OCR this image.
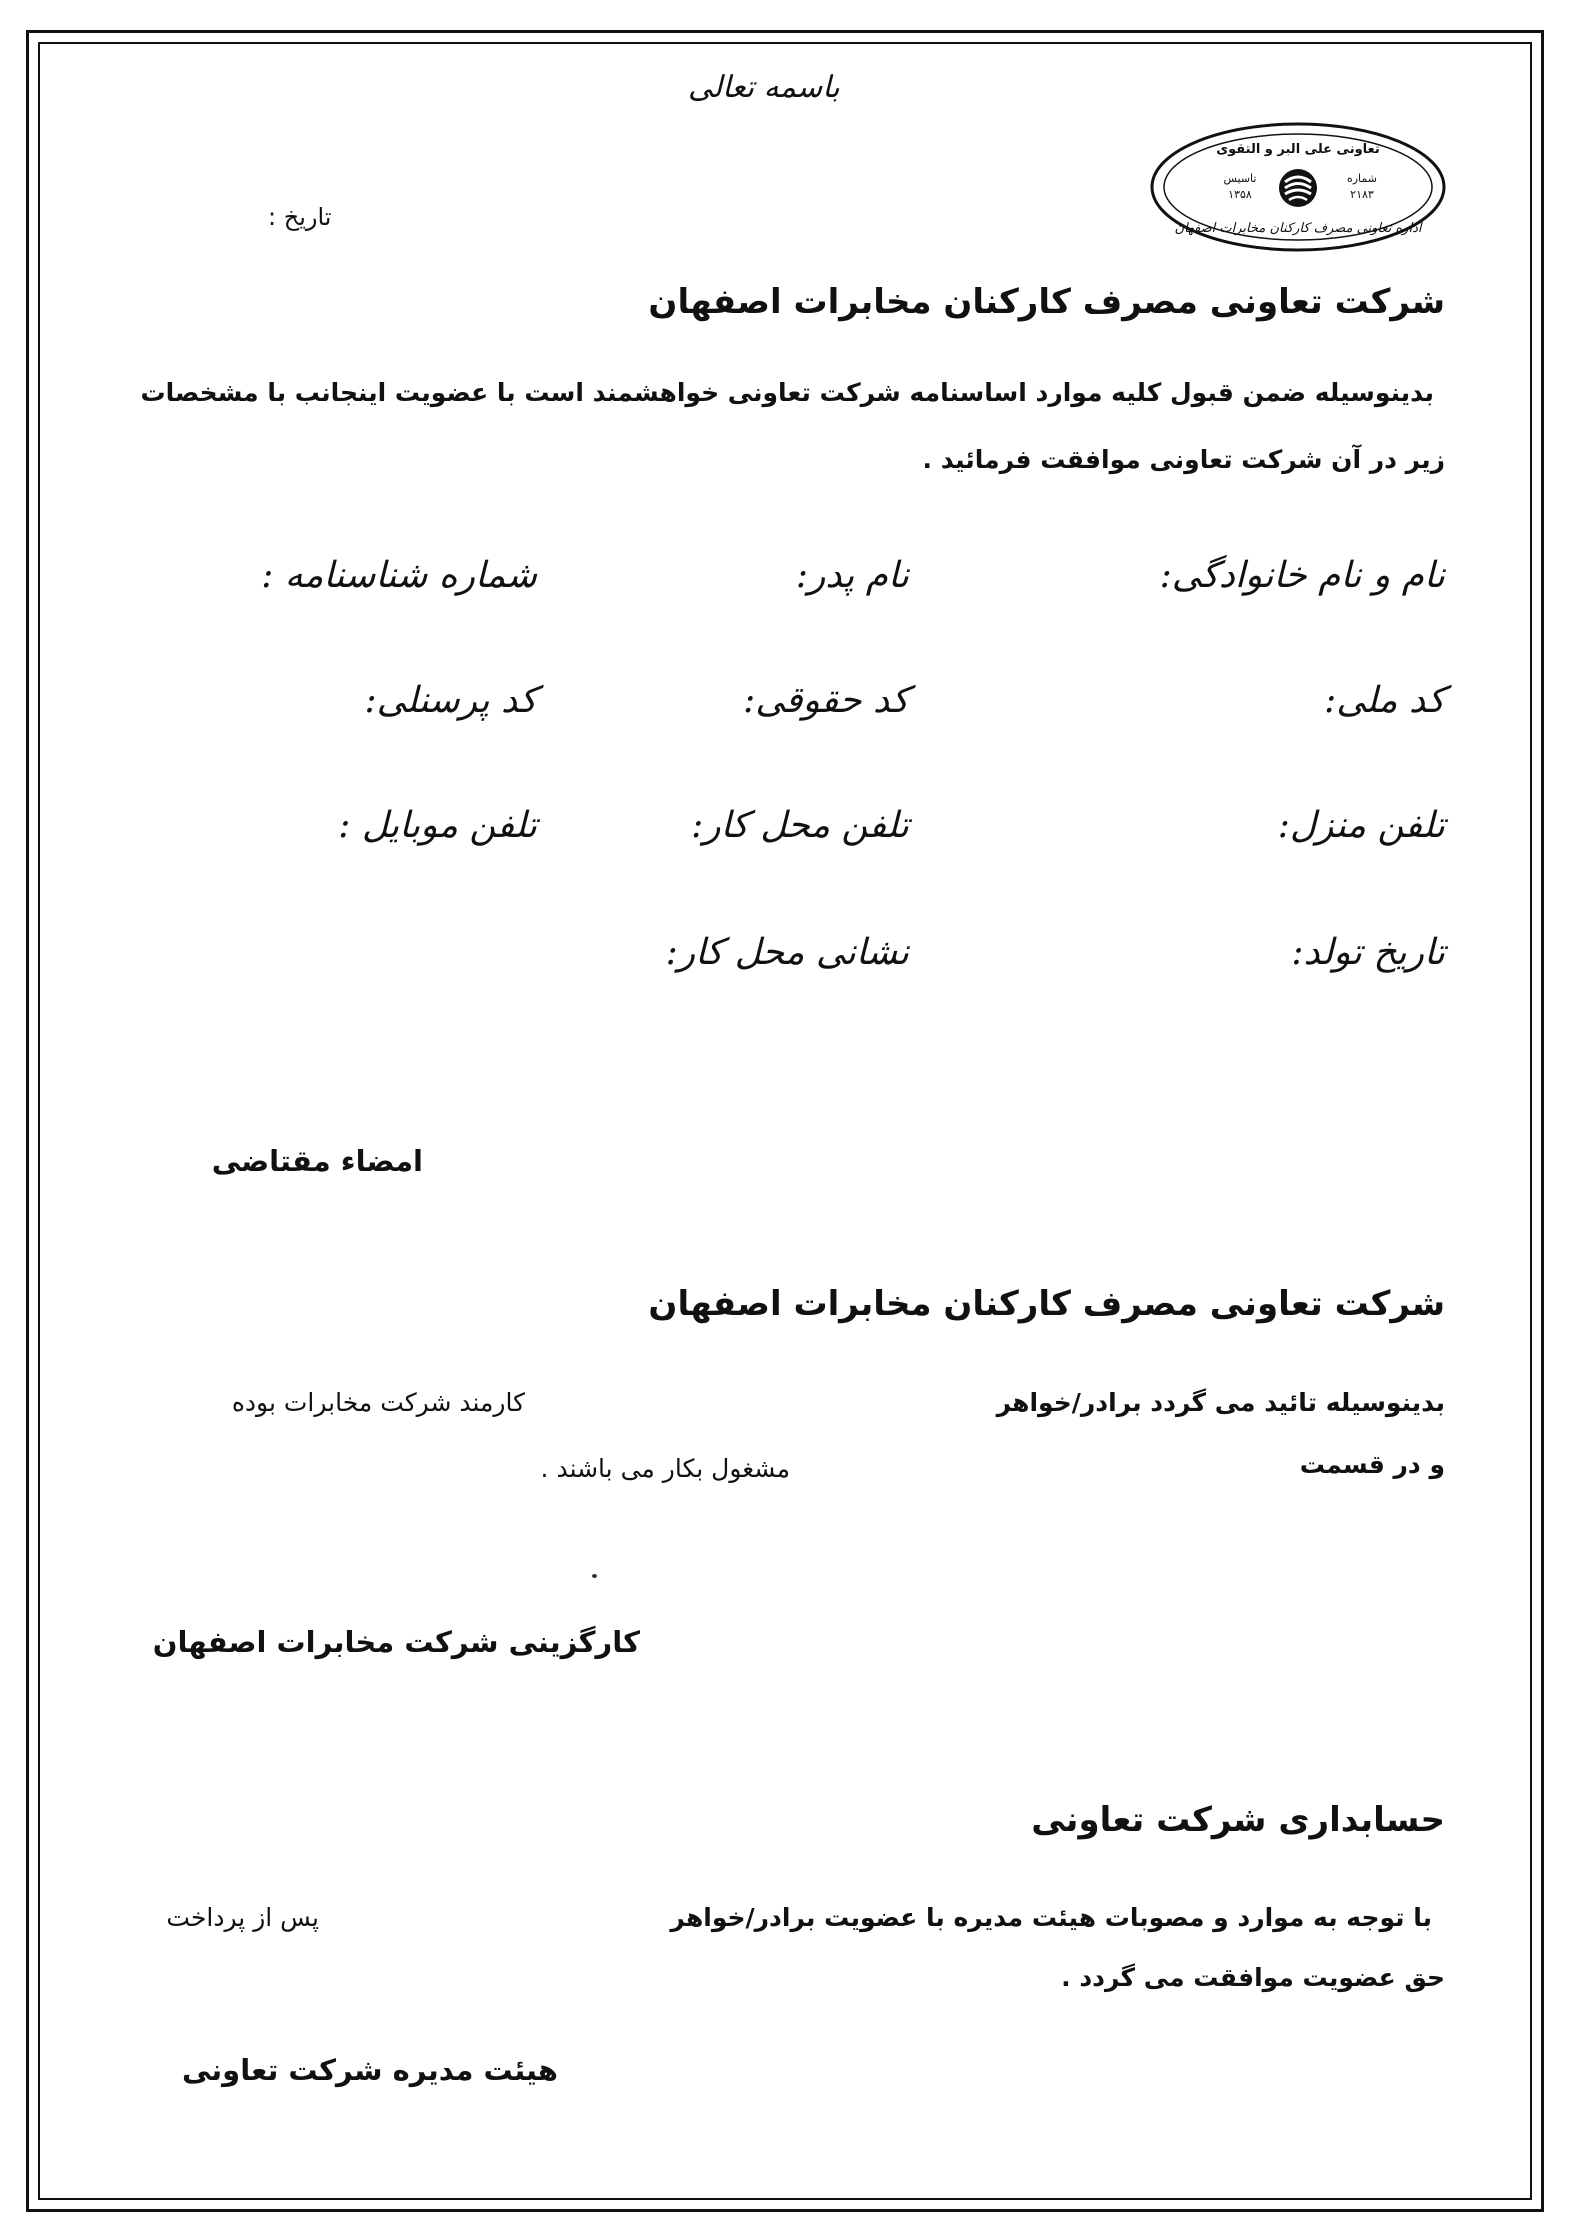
باسمه تعالی
تاریخ :
تعاونی علی البر و التقوی
شماره
۲۱۸۳
تاسیس
۱۳۵۸
اداره تعاونی مصرف کارکنان مخابرات اصفهان
شرکت تعاونی مصرف کارکنان مخابرات اصفهان
بدینوسیله ضمن قبول کلیه موارد اساسنامه شرکت تعاونی خواهشمند است با عضویت اینجانب با مشخصات
زیر در آن شرکت تعاونی موافقت فرمائید .
نام و نام خانوادگی:
نام پدر:
شماره شناسنامه :
کد ملی:
کد حقوقی:
کد پرسنلی:
تلفن منزل:
تلفن محل کار:
تلفن موبایل :
تاریخ تولد:
نشانی محل کار:
امضاء مقتاضی
شرکت تعاونی مصرف کارکنان مخابرات اصفهان
بدینوسیله تائید می گردد برادر/خواهر
کارمند شرکت مخابرات بوده
و در قسمت
مشغول بکار می باشند .
کارگزینی شرکت مخابرات اصفهان
حسابداری شرکت تعاونی
با توجه به موارد و مصوبات هیئت مدیره با عضویت برادر/خواهر
پس از پرداخت
حق عضویت موافقت می گردد .
هیئت مدیره شرکت تعاونی
